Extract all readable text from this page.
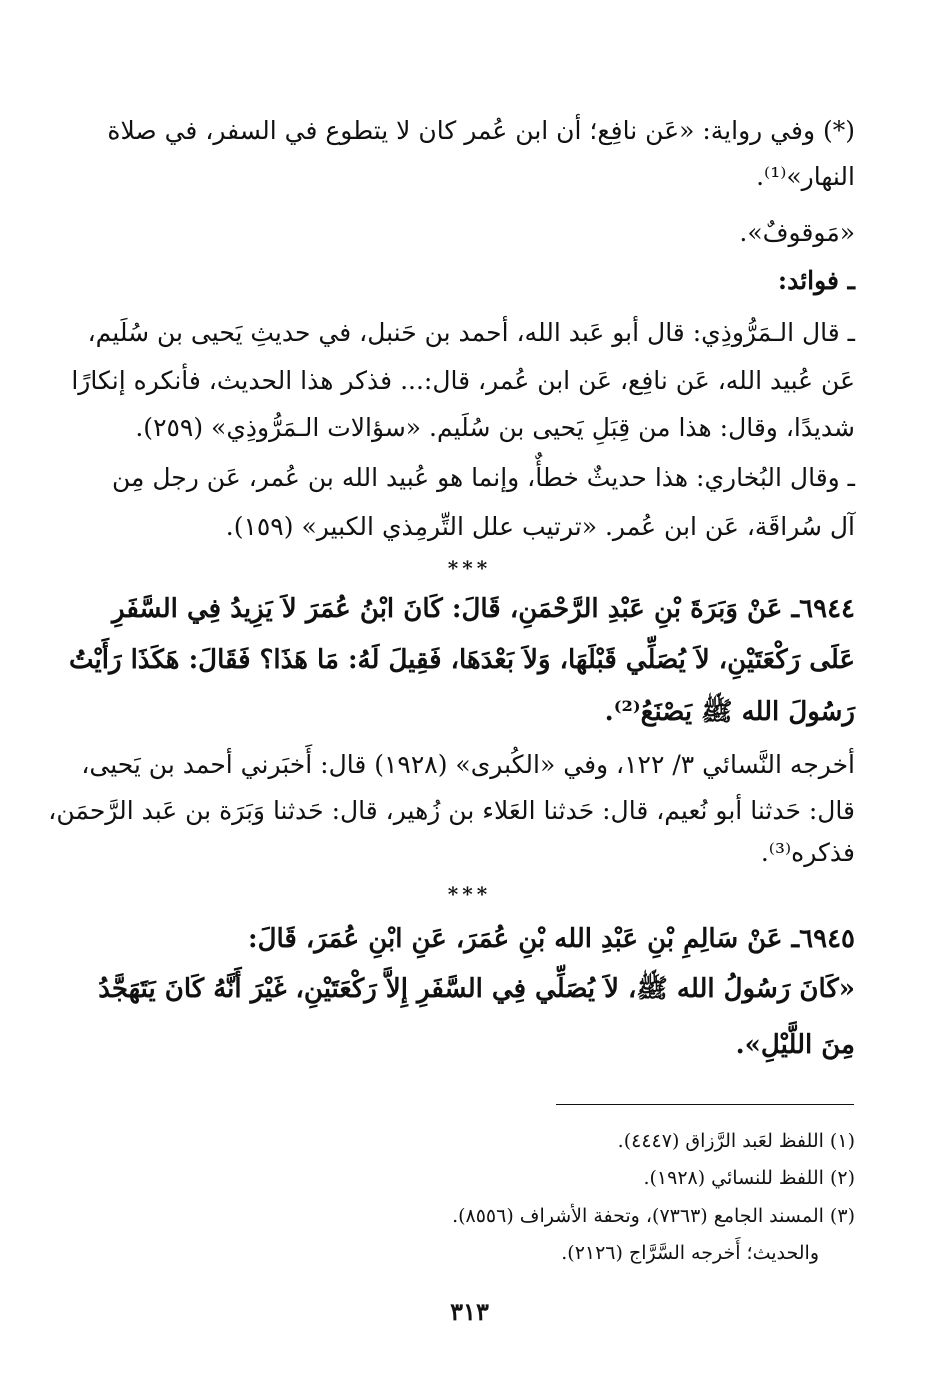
(*) وفي رواية: «عَن نافِع؛ أن ابن عُمر كان لا يتطوع في السفر، في صلاة
النهار»⁽¹⁾.
«مَوقوفٌ».
ـ فوائد:
ـ قال الـمَرُّوذِي: قال أبو عَبد الله، أحمد بن حَنبل، في حديثِ يَحيى بن سُلَيم،
عَن عُبيد الله، عَن نافِع، عَن ابن عُمر، قال:... فذكر هذا الحديث، فأنكره إنكارًا
شديدًا، وقال: هذا من قِبَلِ يَحيى بن سُلَيم. «سؤالات الـمَرُّوذِي» (٢٥٩).
ـ وقال البُخاري: هذا حديثٌ خطأٌ، وإنما هو عُبيد الله بن عُمر، عَن رجل مِن
آل سُراقَة، عَن ابن عُمر. «ترتيب علل التِّرمِذي الكبير» (١٥٩).
***
٦٩٤٤ـ عَنْ وَبَرَةَ بْنِ عَبْدِ الرَّحْمَنِ، قَالَ: كَانَ ابْنُ عُمَرَ لاَ يَزِيدُ فِي السَّفَرِ
عَلَى رَكْعَتَيْنِ، لاَ يُصَلِّي قَبْلَهَا، وَلاَ بَعْدَهَا، فَقِيلَ لَهُ: مَا هَذَا؟ فَقَالَ: هَكَذَا رَأَيْتُ
رَسُولَ الله ﷺ يَصْنَعُ⁽²⁾.
أخرجه النَّسائي ٣/ ١٢٢، وفي «الكُبرى» (١٩٢٨) قال: أَخبَرني أحمد بن يَحيى،
قال: حَدثنا أبو نُعيم، قال: حَدثنا العَلاء بن زُهير، قال: حَدثنا وَبَرَة بن عَبد الرَّحمَن،
فذكره⁽³⁾.
***
٦٩٤٥ـ عَنْ سَالِمِ بْنِ عَبْدِ الله بْنِ عُمَرَ، عَنِ ابْنِ عُمَرَ، قَالَ:
«كَانَ رَسُولُ الله ﷺ، لاَ يُصَلِّي فِي السَّفَرِ إِلاَّ رَكْعَتَيْنِ، غَيْرَ أَنَّهُ كَانَ يَتَهَجَّدُ
مِنَ اللَّيْلِ».
(١) اللفظ لعَبد الرَّزاق (٤٤٤٧).
(٢) اللفظ للنسائي (١٩٢٨).
(٣) المسند الجامع (٧٣٦٣)، وتحفة الأشراف (٨٥٥٦).
والحديث؛ أَخرجه السَّرَّاج (٢١٢٦).
٣١٣
